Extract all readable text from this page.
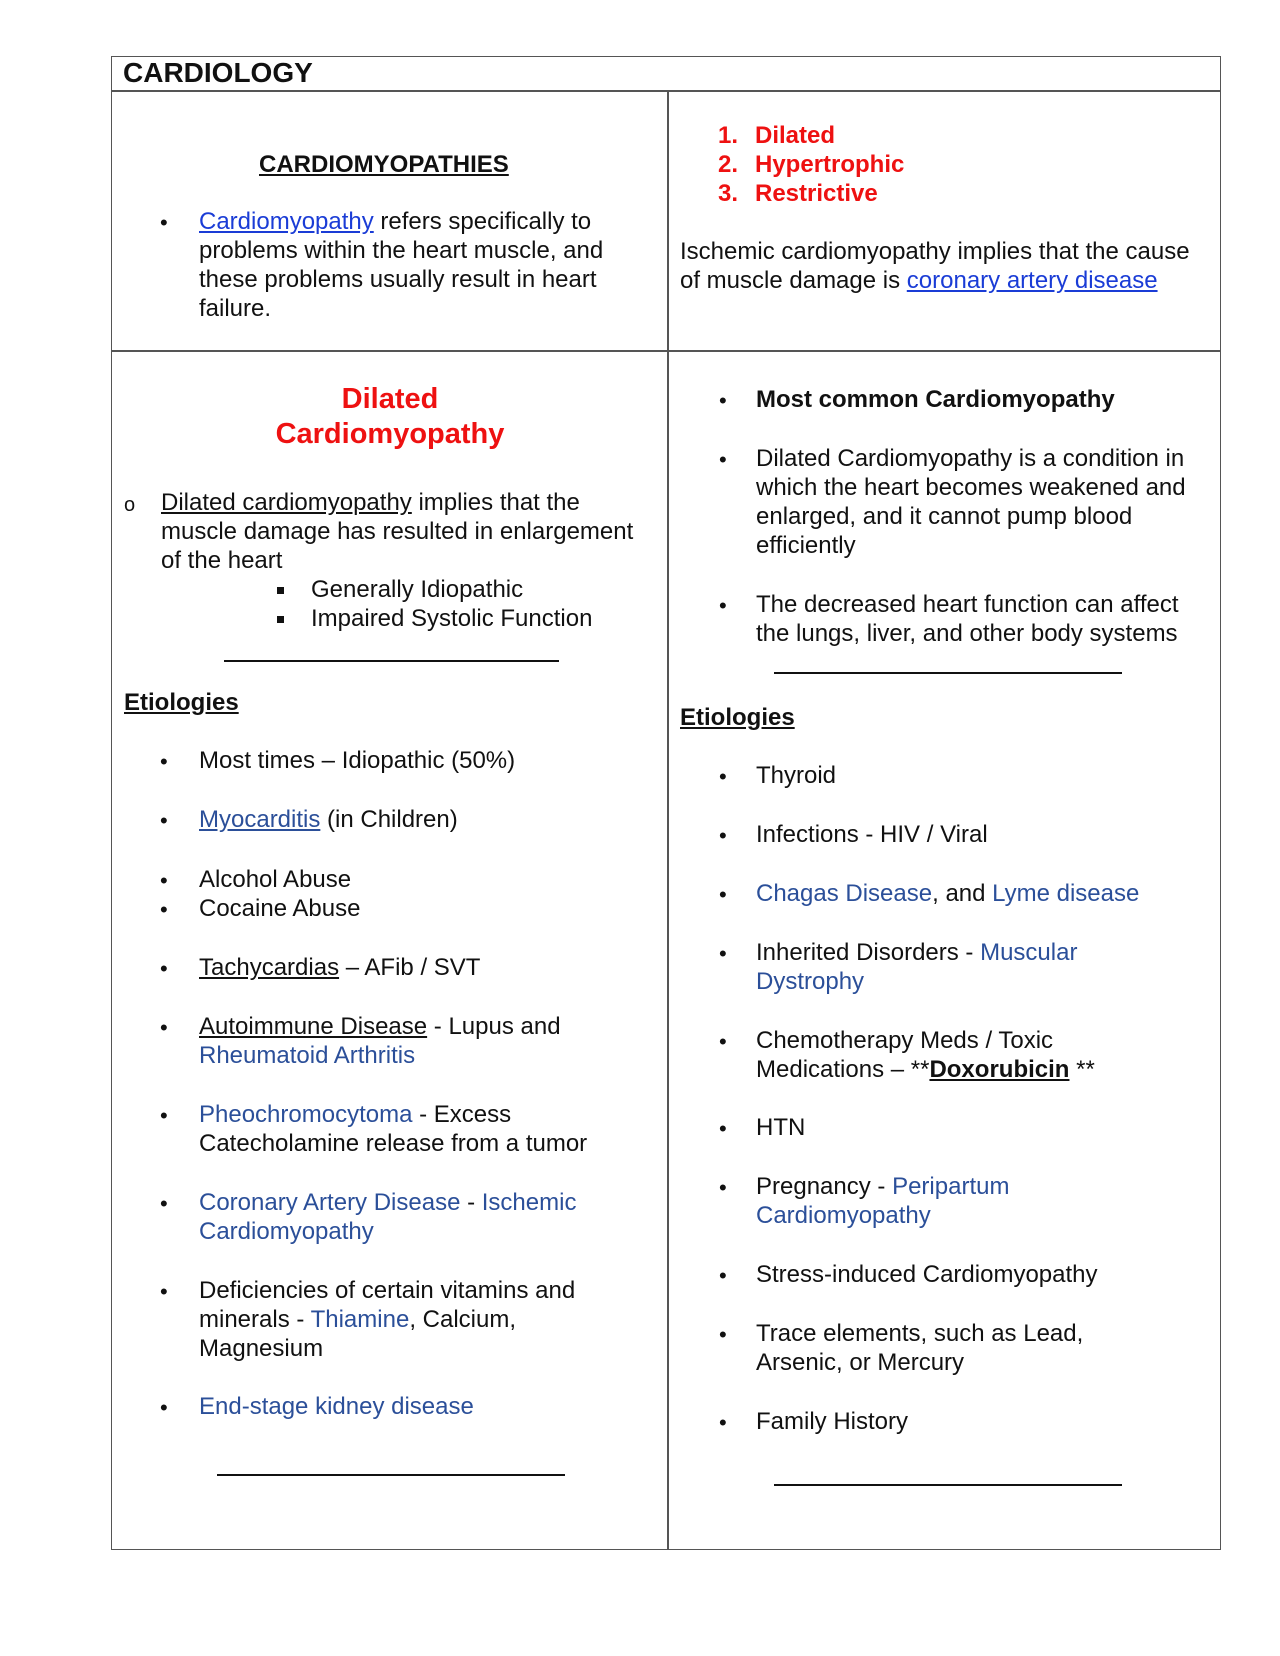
CARDIOLOGY
CARDIOMYOPATHIES
• Cardiomyopathy refers specifically to
problems within the heart muscle, and
these problems usually result in heart
failure.
1. Dilated
2. Hypertrophic
3. Restrictive
Ischemic cardiomyopathy implies that the cause
of muscle damage is coronary artery disease
Dilated
Cardiomyopathy
o Dilated cardiomyopathy implies that the
muscle damage has resulted in enlargement
of the heart
Generally Idiopathic
Impaired Systolic Function
• Most common Cardiomyopathy
• Dilated Cardiomyopathy is a condition in
which the heart becomes weakened and
enlarged, and it cannot pump blood
efficiently
• The decreased heart function can affect
the lungs, liver, and other body systems
Etiologies
• Most times – Idiopathic (50%)
• Myocarditis (in Children)
• Alcohol Abuse
• Cocaine Abuse
• Tachycardias – AFib / SVT
• Autoimmune Disease - Lupus and
Rheumatoid Arthritis
• Pheochromocytoma - Excess
Catecholamine release from a tumor
• Coronary Artery Disease - Ischemic
Cardiomyopathy
• Deficiencies of certain vitamins and
minerals - Thiamine, Calcium,
Magnesium
• End-stage kidney disease
Etiologies
• Thyroid
• Infections - HIV / Viral
• Chagas Disease, and Lyme disease
• Inherited Disorders - Muscular
Dystrophy
• Chemotherapy Meds / Toxic
Medications – **Doxorubicin **
• HTN
• Pregnancy - Peripartum
Cardiomyopathy
• Stress-induced Cardiomyopathy
• Trace elements, such as Lead,
Arsenic, or Mercury
• Family History
